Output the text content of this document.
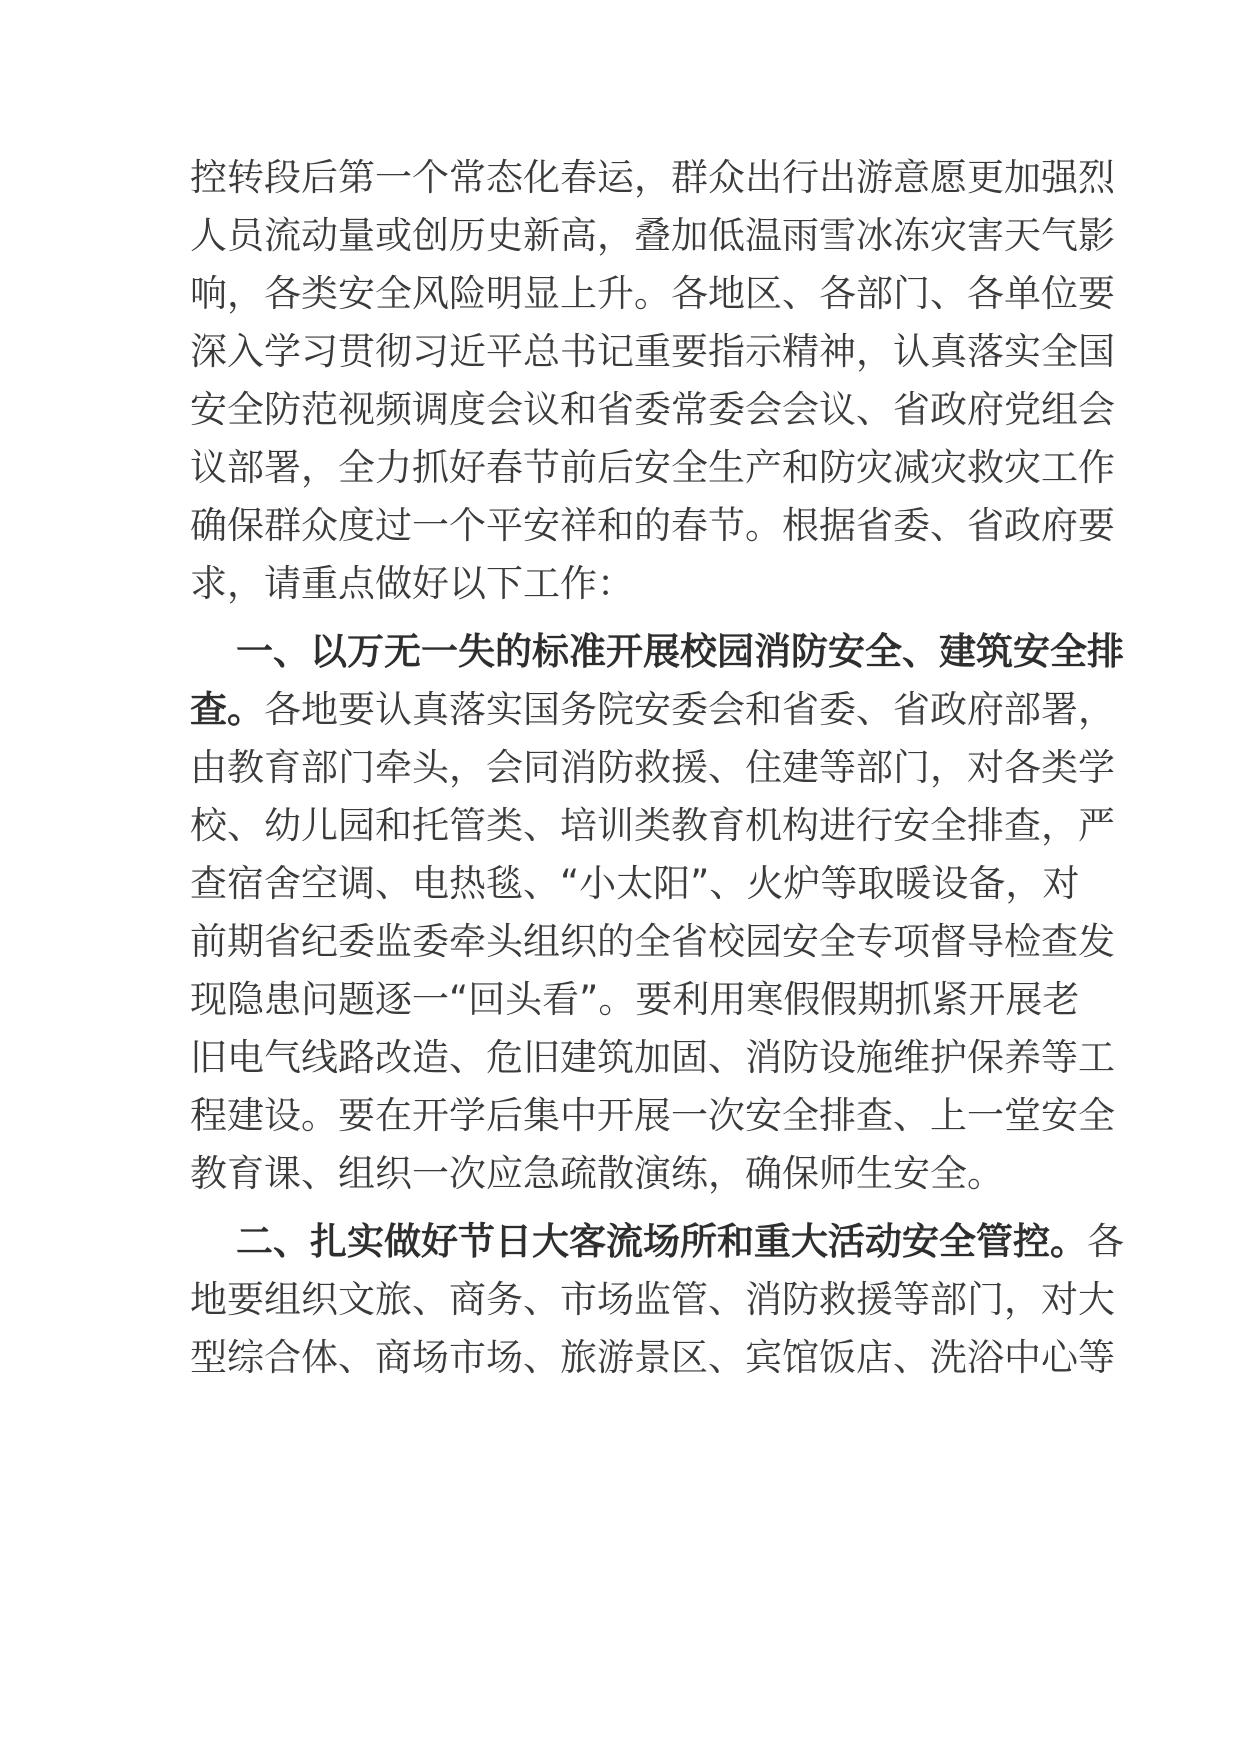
控转段后第一个常态化春运，群众出行出游意愿更加强烈
人员流动量或创历史新高，叠加低温雨雪冰冻灾害天气影
响，各类安全风险明显上升。各地区、各部门、各单位要
深入学习贯彻习近平总书记重要指示精神，认真落实全国
安全防范视频调度会议和省委常委会会议、省政府党组会
议部署，全力抓好春节前后安全生产和防灾减灾救灾工作
确保群众度过一个平安祥和的春节。根据省委、省政府要
求，请重点做好以下工作：
一、以万无一失的标准开展校园消防安全、建筑安全排
查。各地要认真落实国务院安委会和省委、省政府部署，
由教育部门牵头，会同消防救援、住建等部门，对各类学
校、幼儿园和托管类、培训类教育机构进行安全排查，严
查宿舍空调、电热毯、“小太阳”、火炉等取暖设备，对
前期省纪委监委牵头组织的全省校园安全专项督导检查发
现隐患问题逐一“回头看”。要利用寒假假期抓紧开展老
旧电气线路改造、危旧建筑加固、消防设施维护保养等工
程建设。要在开学后集中开展一次安全排查、上一堂安全
教育课、组织一次应急疏散演练，确保师生安全。
二、扎实做好节日大客流场所和重大活动安全管控。各
地要组织文旅、商务、市场监管、消防救援等部门，对大
型综合体、商场市场、旅游景区、宾馆饭店、洗浴中心等
